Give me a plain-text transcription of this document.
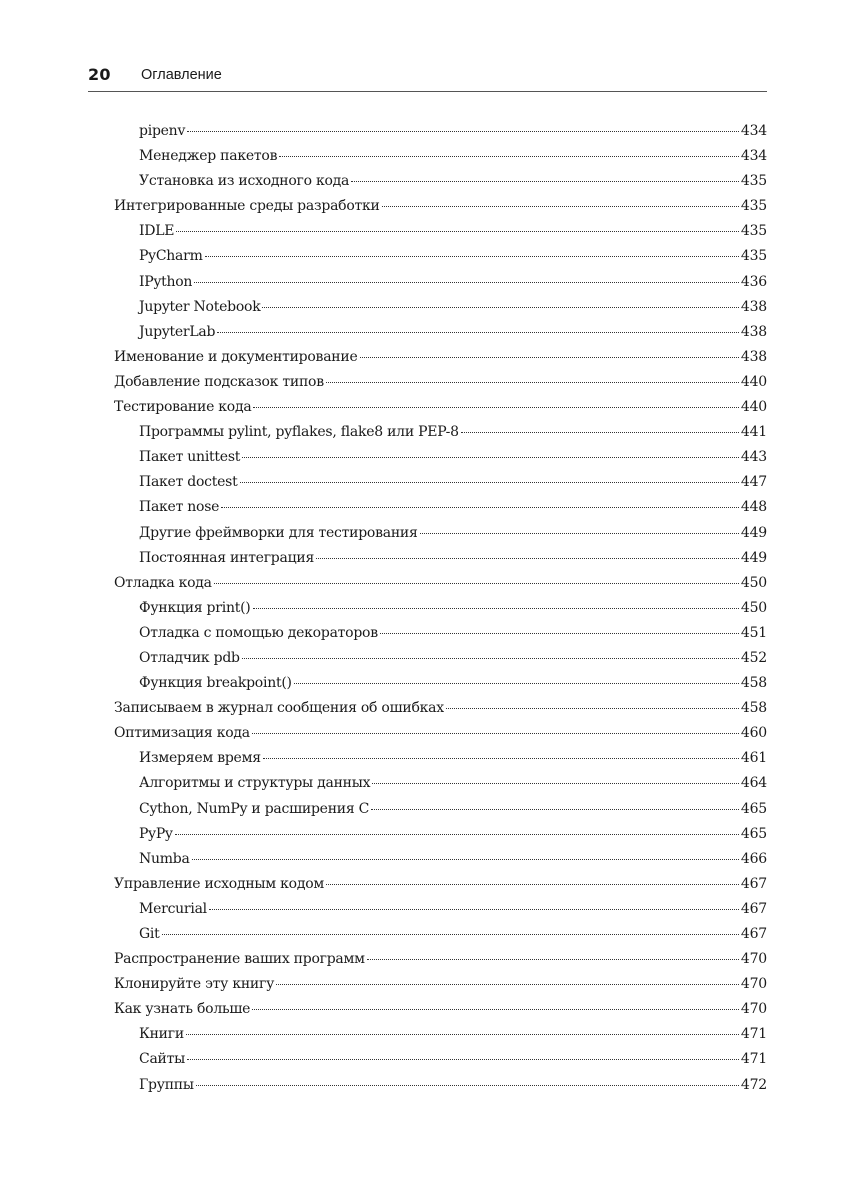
20 Оглавление
pipenv	434
Менеджер пакетов	434
Установка из исходного кода	435
Интегрированные среды разработки	435
IDLE	435
PyCharm	435
IPython	436
Jupyter Notebook	438
JupyterLab	438
Именование и документирование	438
Добавление подсказок типов	440
Тестирование кода	440
Программы pylint, pyflakes, flake8 или PEP-8	441
Пакет unittest	443
Пакет doctest	447
Пакет nose	448
Другие фреймворки для тестирования	449
Постоянная интеграция	449
Отладка кода	450
Функция print()	450
Отладка с помощью декораторов	451
Отладчик pdb	452
Функция breakpoint()	458
Записываем в журнал сообщения об ошибках	458
Оптимизация кода	460
Измеряем время	461
Алгоритмы и структуры данных	464
Cython, NumPy и расширения C	465
PyPy	465
Numba	466
Управление исходным кодом	467
Mercurial	467
Git	467
Распространение ваших программ	470
Клонируйте эту книгу	470
Как узнать больше	470
Книги	471
Сайты	471
Группы	472
